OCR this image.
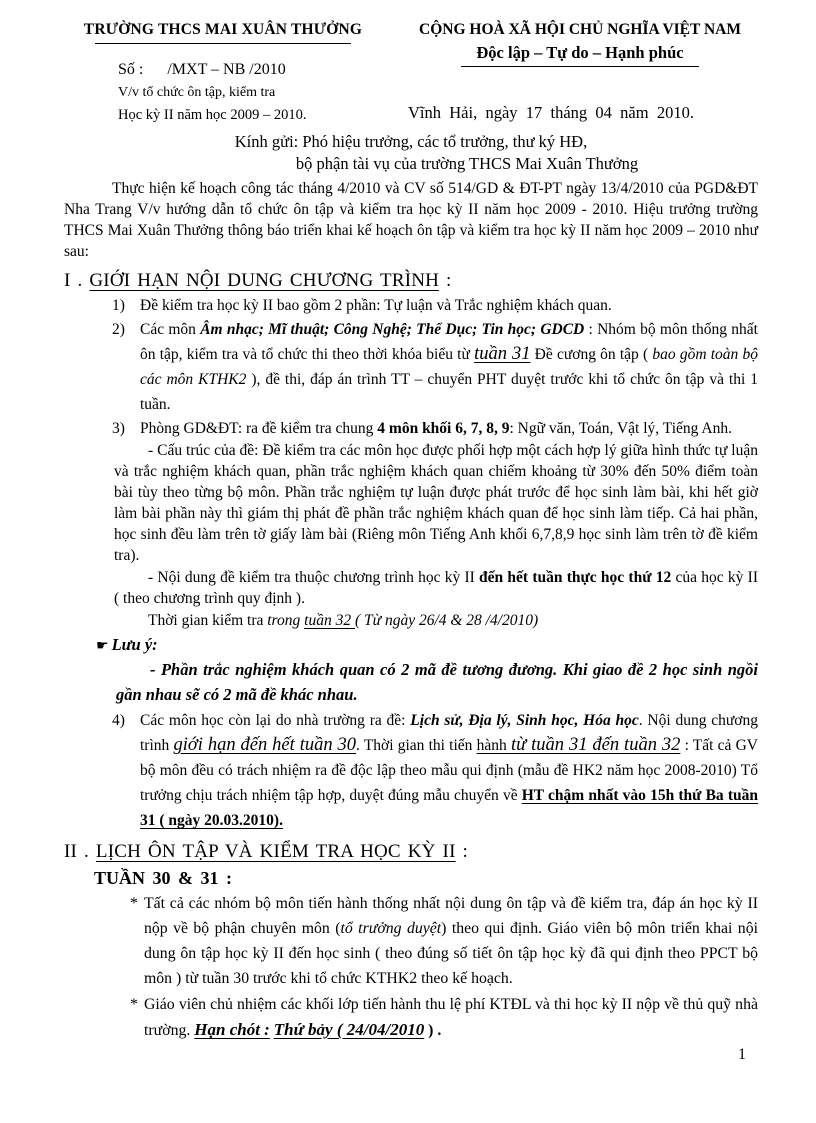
TRƯỜNG THCS MAI XUÂN THƯỞNG
Số :      /MXT – NB /2010
V/v tổ chức ôn tập, kiểm tra
Học kỳ II năm học 2009 – 2010.
CỘNG HOÀ XÃ HỘI CHỦ NGHĨA VIỆT NAM
Độc lập – Tự do – Hạnh phúc
Vĩnh  Hải,  ngày  17  tháng  04  năm  2010.
Kính gửi: Phó hiệu trưởng, các tổ trưởng, thư ký HĐ,
bộ phận tài vụ của trường THCS Mai Xuân Thưởng

Thực hiện kế hoạch công tác tháng 4/2010 và CV số 514/GD & ĐT-PT ngày 13/4/2010 của PGD&ĐT Nha Trang V/v hướng dẫn tổ chức ôn tập và kiểm tra học kỳ II năm học 2009 - 2010. Hiệu trưởng trường THCS Mai Xuân Thưởng thông báo triển khai kế hoạch ôn tập và kiểm tra học kỳ II năm học 2009 – 2010 như sau:

I . GIỚI HẠN NỘI DUNG CHƯƠNG TRÌNH :

1) Đề kiểm tra học kỳ II bao gồm 2 phần: Tự luận và Trắc nghiệm khách quan.

2) Các môn Âm nhạc; Mĩ thuật; Công Nghệ; Thể Dục; Tin học; GDCD : Nhóm bộ môn thống nhất ôn tập, kiểm tra và tổ chức thi theo thời khóa biểu từ tuần 31 Đề cương ôn tập ( bao gồm toàn bộ các môn KTHK2 ), đề thi, đáp án trình TT – chuyển PHT duyệt trước khi tổ chức ôn tập và thi 1 tuần.

3) Phòng GD&ĐT: ra đề kiểm tra chung 4 môn khối 6, 7, 8, 9: Ngữ văn, Toán, Vật lý, Tiếng Anh.

- Cấu trúc của đề: Đề kiểm tra các môn học được phối hợp một cách hợp lý giữa hình thức tự luận và trắc nghiệm khách quan, phần trắc nghiệm khách quan chiếm khoảng từ 30% đến 50% điểm toàn bài tùy theo từng bộ môn. Phần trắc nghiệm tự luận được phát trước để học sinh làm bài, khi hết giờ làm bài phần này thì giám thị phát đề phần trắc nghiệm khách quan để học sinh làm tiếp. Cả hai phần, học sinh đều làm trên tờ giấy làm bài (Riêng môn Tiếng Anh khối 6,7,8,9 học sinh làm trên tờ đề kiểm tra).

- Nội dung đề kiểm tra thuộc chương trình học kỳ II đến hết tuần thực học thứ 12 của học kỳ II ( theo chương trình quy định ).

Thời gian kiểm tra trong tuần 32 ( Từ ngày 26/4 & 28 /4/2010)

☛ Lưu ý:

- Phần trắc nghiệm khách quan có 2 mã đề tương đương. Khi giao đề 2 học sinh ngồi gần nhau sẽ có 2 mã đề khác nhau.

4) Các môn học còn lại do nhà trường ra đề: Lịch sử, Địa lý, Sinh học, Hóa học. Nội dung chương trình giới hạn đến hết tuần 30. Thời gian thi tiến hành từ tuần 31 đến tuần 32 : Tất cả GV bộ môn đều có trách nhiệm ra đề độc lập theo mẫu qui định (mẫu đề HK2 năm học 2008-2010) Tổ trưởng chịu trách nhiệm tập hợp, duyệt đúng mẫu chuyển về HT chậm nhất vào 15h thứ Ba tuần 31 ( ngày 20.03.2010).

II . LỊCH ÔN TẬP VÀ KIỂM TRA HỌC KỲ II :
TUẦN 30 & 31 :

* Tất cả các nhóm bộ môn tiến hành thống nhất nội dung ôn tập và đề kiểm tra, đáp án học kỳ II nộp về bộ phận chuyên môn (tổ trưởng duyệt) theo qui định. Giáo viên bộ môn triển khai nội dung ôn tập học kỳ II đến học sinh ( theo đúng số tiết ôn tập học kỳ đã qui định theo PPCT bộ môn ) từ tuần 30 trước khi tổ chức KTHK2 theo kế hoạch.

* Giáo viên chủ nhiệm các khối lớp tiến hành thu lệ phí KTĐL và thi học kỳ II nộp về thủ quỹ nhà trường. Hạn chót : Thứ bảy ( 24/04/2010 ) .

1
